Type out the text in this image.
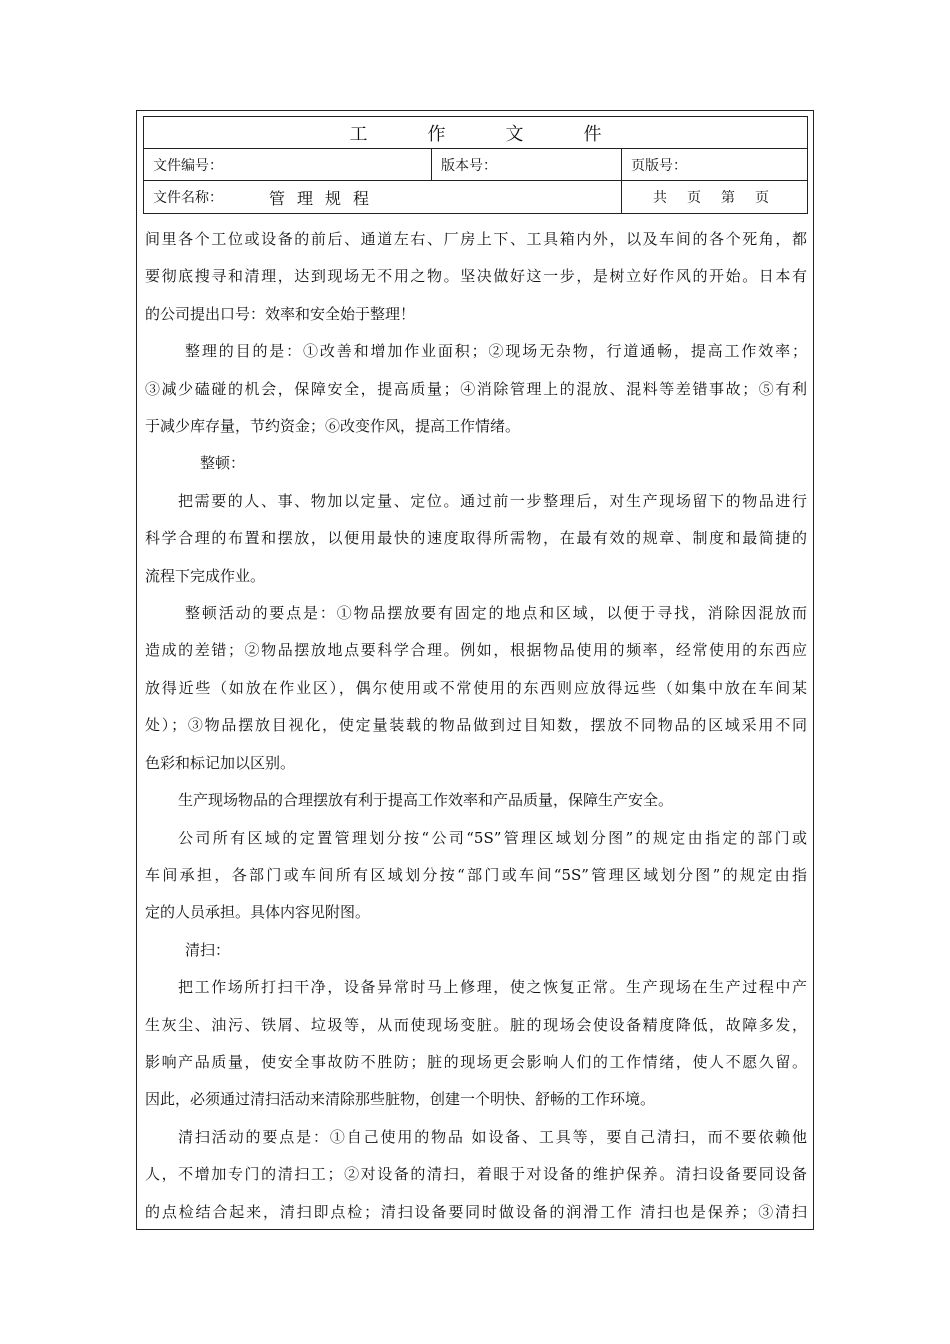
工作文件
文件编号：	版本号：	页版号：
文件名称：	管理规程	共页第页

间里各个工位或设备的前后、通道左右、厂房上下、工具箱内外，以及车间的各个死角，都

要彻底搜寻和清理，达到现场无不用之物。坚决做好这一步，是树立好作风的开始。日本有

的公司提出口号：效率和安全始于整理！

整理的目的是：①改善和增加作业面积；②现场无杂物，行道通畅，提高工作效率；

③减少磕碰的机会，保障安全，提高质量；④消除管理上的混放、混料等差错事故；⑤有利

于减少库存量，节约资金；⑥改变作风，提高工作情绪。

整顿：

把需要的人、事、物加以定量、定位。通过前一步整理后，对生产现场留下的物品进行

科学合理的布置和摆放，以便用最快的速度取得所需物，在最有效的规章、制度和最简捷的

流程下完成作业。

整顿活动的要点是：①物品摆放要有固定的地点和区域，以便于寻找，消除因混放而

造成的差错；②物品摆放地点要科学合理。例如，根据物品使用的频率，经常使用的东西应

放得近些（如放在作业区），偶尔使用或不常使用的东西则应放得远些（如集中放在车间某

处）；③物品摆放目视化，使定量装载的物品做到过目知数，摆放不同物品的区域采用不同

色彩和标记加以区别。

生产现场物品的合理摆放有利于提高工作效率和产品质量，保障生产安全。

公司所有区域的定置管理划分按“公司“5S”管理区域划分图”的规定由指定的部门或

车间承担，各部门或车间所有区域划分按“部门或车间“5S”管理区域划分图”的规定由指

定的人员承担。具体内容见附图。

清扫：

把工作场所打扫干净，设备异常时马上修理，使之恢复正常。生产现场在生产过程中产

生灰尘、油污、铁屑、垃圾等，从而使现场变脏。脏的现场会使设备精度降低，故障多发，

影响产品质量，使安全事故防不胜防；脏的现场更会影响人们的工作情绪，使人不愿久留。

因此，必须通过清扫活动来清除那些脏物，创建一个明快、舒畅的工作环境。

清扫活动的要点是：①自己使用的物品 如设备、工具等，要自己清扫，而不要依赖他

人，不增加专门的清扫工；②对设备的清扫，着眼于对设备的维护保养。清扫设备要同设备

的点检结合起来，清扫即点检；清扫设备要同时做设备的润滑工作 清扫也是保养；③清扫
